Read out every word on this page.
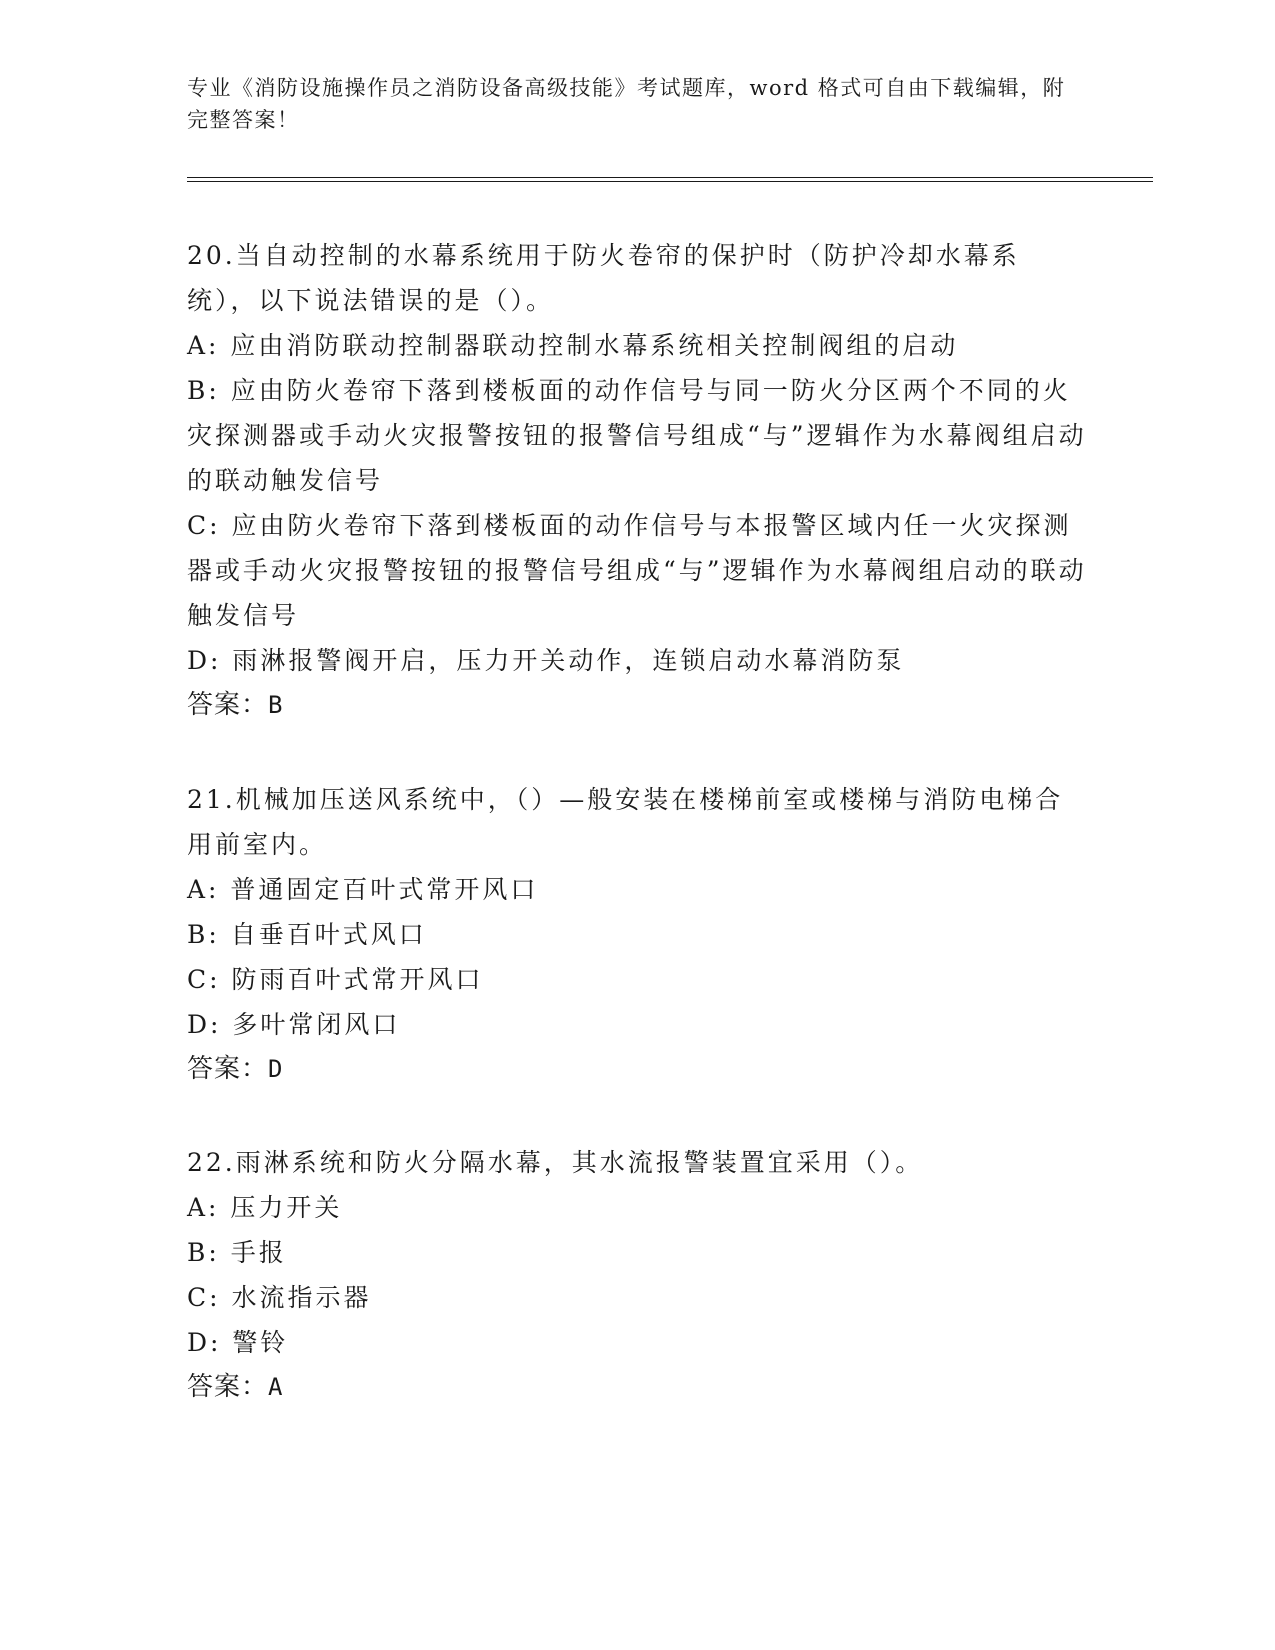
专业《消防设施操作员之消防设备高级技能》考试题库，word 格式可自由下载编辑，附完整答案！

20.当自动控制的水幕系统用于防火卷帘的保护时（防护冷却水幕系统），以下说法错误的是（）。

A: 应由消防联动控制器联动控制水幕系统相关控制阀组的启动

B: 应由防火卷帘下落到楼板面的动作信号与同一防火分区两个不同的火灾探测器或手动火灾报警按钮的报警信号组成“与”逻辑作为水幕阀组启动的联动触发信号

C: 应由防火卷帘下落到楼板面的动作信号与本报警区域内任一火灾探测器或手动火灾报警按钮的报警信号组成“与”逻辑作为水幕阀组启动的联动触发信号

D: 雨淋报警阀开启，压力开关动作，连锁启动水幕消防泵

答案：B

21.机械加压送风系统中，（）—般安装在楼梯前室或楼梯与消防电梯合用前室内。

A: 普通固定百叶式常开风口

B: 自垂百叶式风口

C: 防雨百叶式常开风口

D: 多叶常闭风口

答案：D

22.雨淋系统和防火分隔水幕，其水流报警装置宜采用（）。

A: 压力开关

B: 手报

C: 水流指示器

D: 警铃

答案：A
